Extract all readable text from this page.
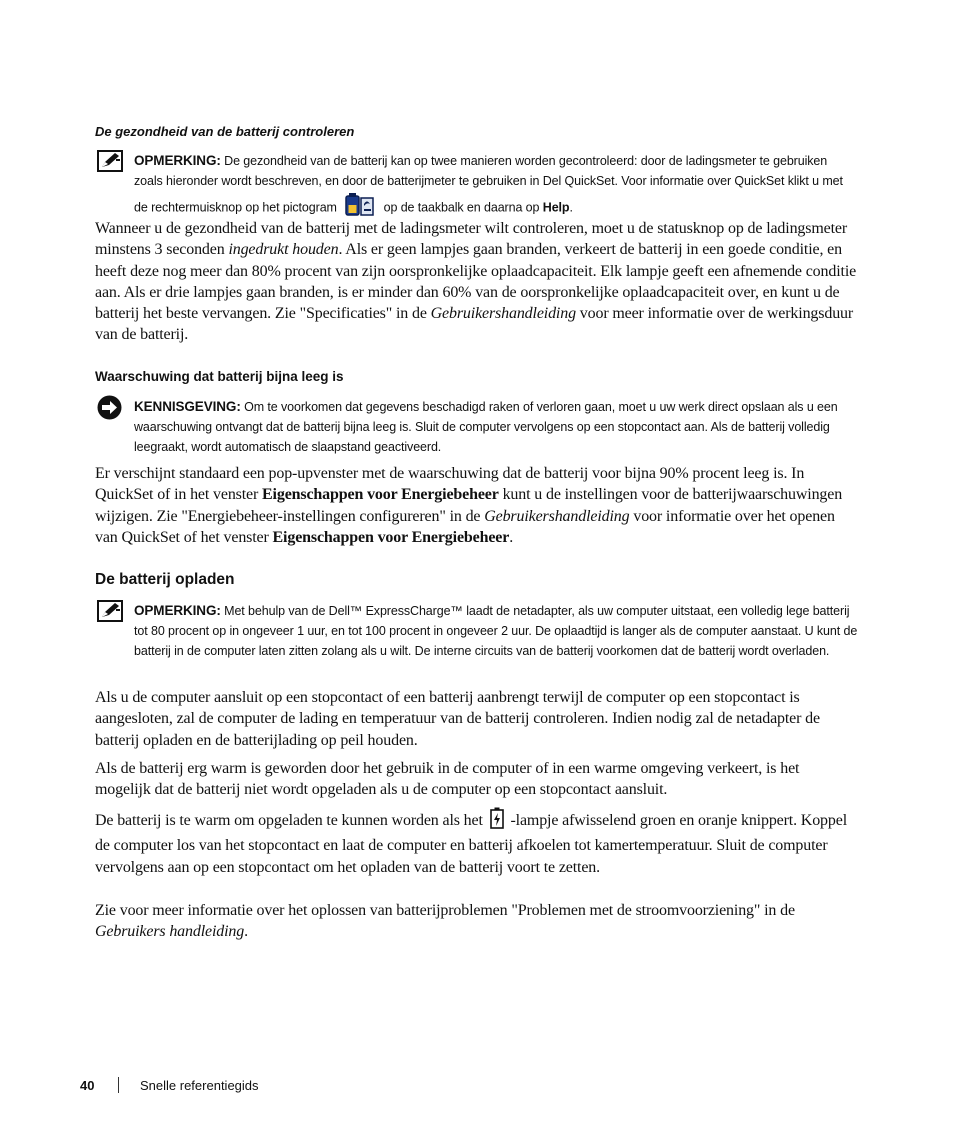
De gezondheid van de batterij controleren
OPMERKING: De gezondheid van de batterij kan op twee manieren worden gecontroleerd: door de ladingsmeter te gebruiken zoals hieronder wordt beschreven, en door de batterijmeter te gebruiken in Del QuickSet. Voor informatie over QuickSet klikt u met de rechtermuisknop op het pictogram	op de taakbalk en daarna op Help.

Wanneer u de gezondheid van de batterij met de ladingsmeter wilt controleren, moet u de statusknop op de ladingsmeter minstens 3 seconden ingedrukt houden. Als er geen lampjes gaan branden, verkeert de batterij in een goede conditie, en heeft deze nog meer dan 80% procent van zijn oorspronkelijke oplaadcapaciteit. Elk lampje geeft een afnemende conditie aan. Als er drie lampjes gaan branden, is er minder dan 60% van de oorspronkelijke oplaadcapaciteit over, en kunt u de batterij het beste vervangen. Zie "Specificaties" in de Gebruikershandleiding voor meer informatie over de werkingsduur van de batterij.

Waarschuwing dat batterij bijna leeg is
KENNISGEVING: Om te voorkomen dat gegevens beschadigd raken of verloren gaan, moet u uw werk direct opslaan als u een waarschuwing ontvangt dat de batterij bijna leeg is. Sluit de computer vervolgens op een stopcontact aan. Als de batterij volledig leegraakt, wordt automatisch de slaapstand geactiveerd.

Er verschijnt standaard een pop-upvenster met de waarschuwing dat de batterij voor bijna 90% procent leeg is. In QuickSet of in het venster Eigenschappen voor Energiebeheer kunt u de instellingen voor de batterijwaarschuwingen wijzigen. Zie "Energiebeheer-instellingen configureren" in de Gebruikershandleiding voor informatie over het openen van QuickSet of het venster Eigenschappen voor Energiebeheer.

De batterij opladen
OPMERKING: Met behulp van de Dell™ ExpressCharge™ laadt de netadapter, als uw computer uitstaat, een volledig lege batterij tot 80 procent op in ongeveer 1 uur, en tot 100 procent in ongeveer 2 uur. De oplaadtijd is langer als de computer aanstaat. U kunt de batterij in de computer laten zitten zolang als u wilt. De interne circuits van de batterij voorkomen dat de batterij wordt overladen.

Als u de computer aansluit op een stopcontact of een batterij aanbrengt terwijl de computer op een stopcontact is aangesloten, zal de computer de lading en temperatuur van de batterij controleren. Indien nodig zal de netadapter de batterij opladen en de batterijlading op peil houden.

Als de batterij erg warm is geworden door het gebruik in de computer of in een warme omgeving verkeert, is het mogelijk dat de batterij niet wordt opgeladen als u de computer op een stopcontact aansluit.

De batterij is te warm om opgeladen te kunnen worden als het  -lampje afwisselend groen en oranje knippert. Koppel de computer los van het stopcontact en laat de computer en batterij afkoelen tot kamertemperatuur. Sluit de computer vervolgens aan op een stopcontact om het opladen van de batterij voort te zetten.

Zie voor meer informatie over het oplossen van batterijproblemen "Problemen met de stroomvoorziening" in de Gebruikers handleiding.

40	Snelle referentiegids
